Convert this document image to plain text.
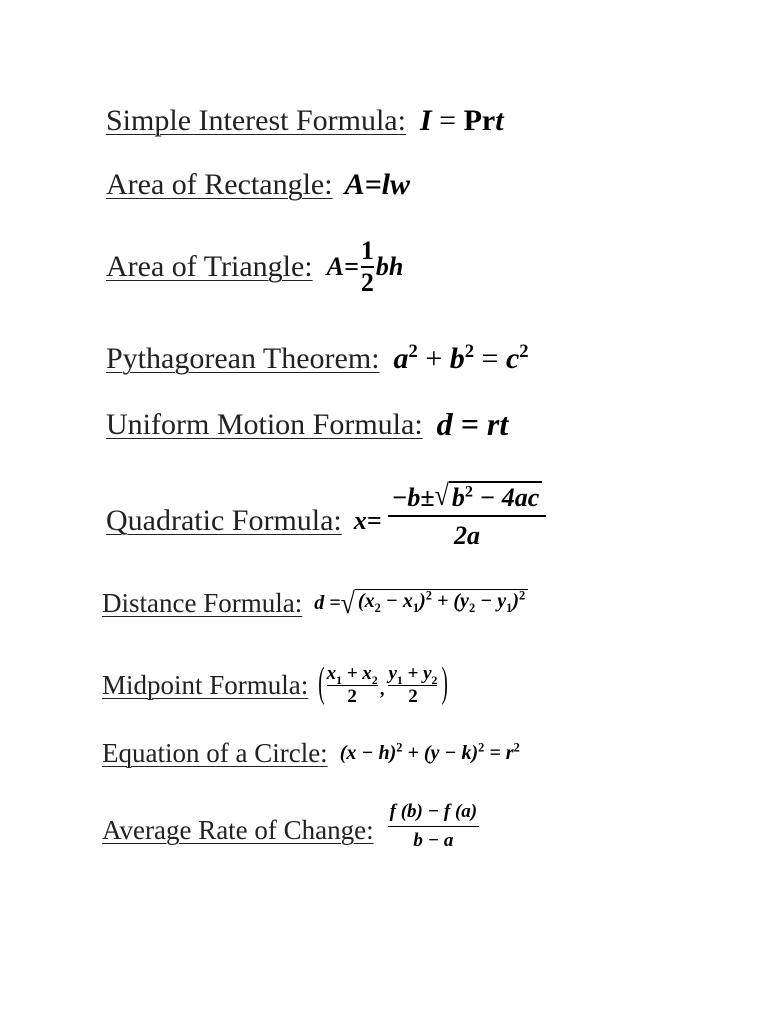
Simple Interest Formula: I = Prt
Area of Rectangle: A=lw
Area of Triangle: $A= \frac{1}{2}$ bh
Pythagorean Theorem: $a^2 + b^2 = c^2$
Uniform Motion Formula: d = rt
Quadratic Formula: $x= \frac{-b\pm √ b^2 - 4ac}{2a}$
Distance Formula: d = √ $(x_2 - x_1)^2 + (y_2 - y_1)^2$
Midpoint Formula: ( $\frac{x_1 + x_2}{2}$ , $\frac{y_1 + y_2}{2}$ )
Equation of a Circle: $(x - h)^2 + (y - k)^2 = r^2$
Average Rate of Change: $\frac{f (b) - f (a)}{b - a}$
